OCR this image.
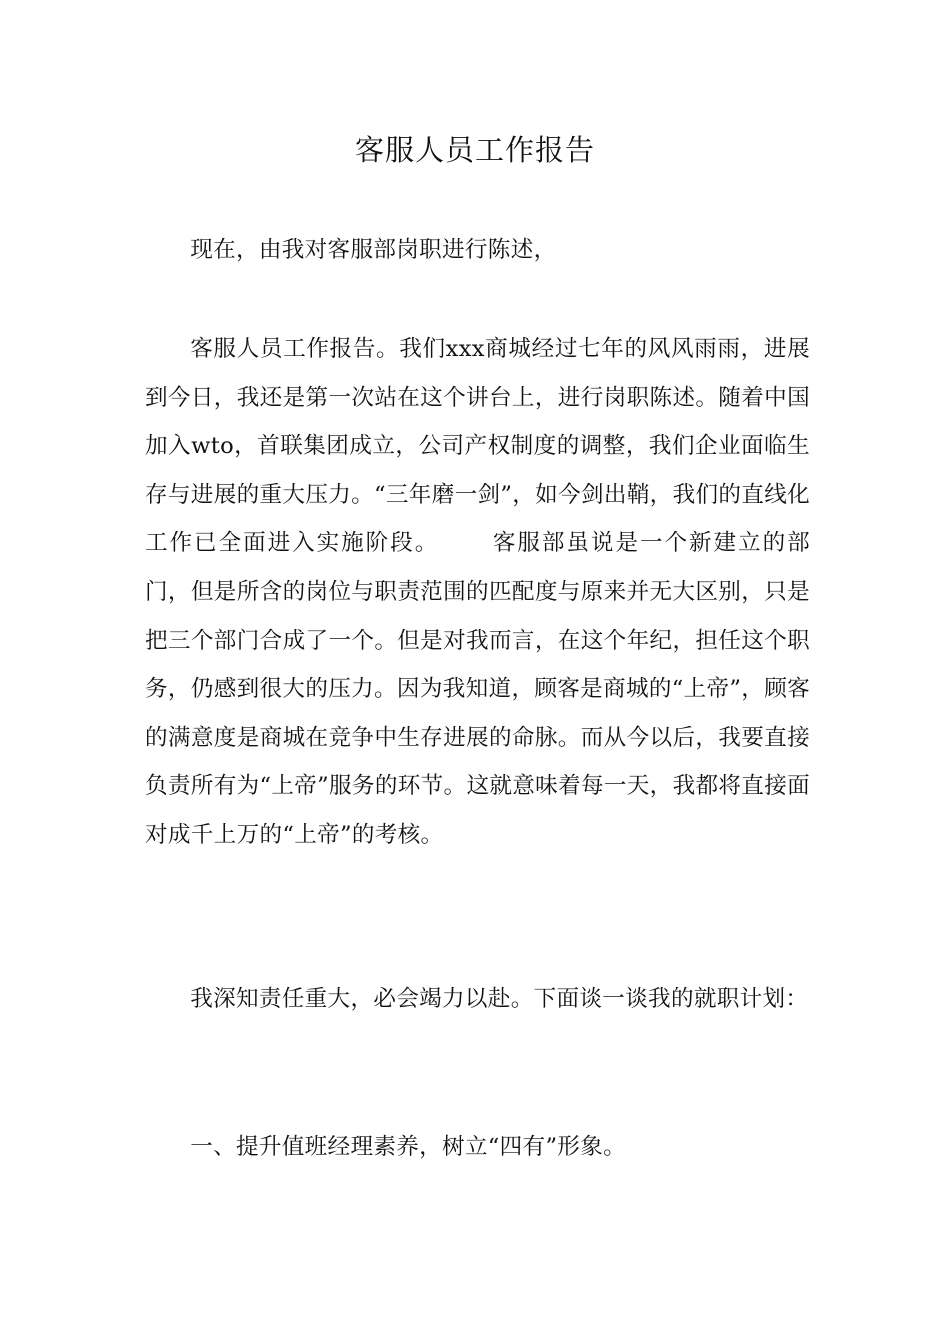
客服人员工作报告

现在，由我对客服部岗职进行陈述，

客服人员工作报告。我们xxx商城经过七年的风风雨雨，进展到今日，我还是第一次站在这个讲台上，进行岗职陈述。随着中国加入wto，首联集团成立，公司产权制度的调整，我们企业面临生存与进展的重大压力。“三年磨一剑”，如今剑出鞘，我们的直线化工作已全面进入实施阶段。 客服部虽说是一个新建立的部门，但是所含的岗位与职责范围的匹配度与原来并无大区别，只是把三个部门合成了一个。但是对我而言，在这个年纪，担任这个职务，仍感到很大的压力。因为我知道，顾客是商城的“上帝”，顾客的满意度是商城在竞争中生存进展的命脉。而从今以后，我要直接负责所有为“上帝”服务的环节。这就意味着每一天，我都将直接面对成千上万的“上帝”的考核。

我深知责任重大，必会竭力以赴。下面谈一谈我的就职计划：

一、提升值班经理素养，树立“四有”形象。
